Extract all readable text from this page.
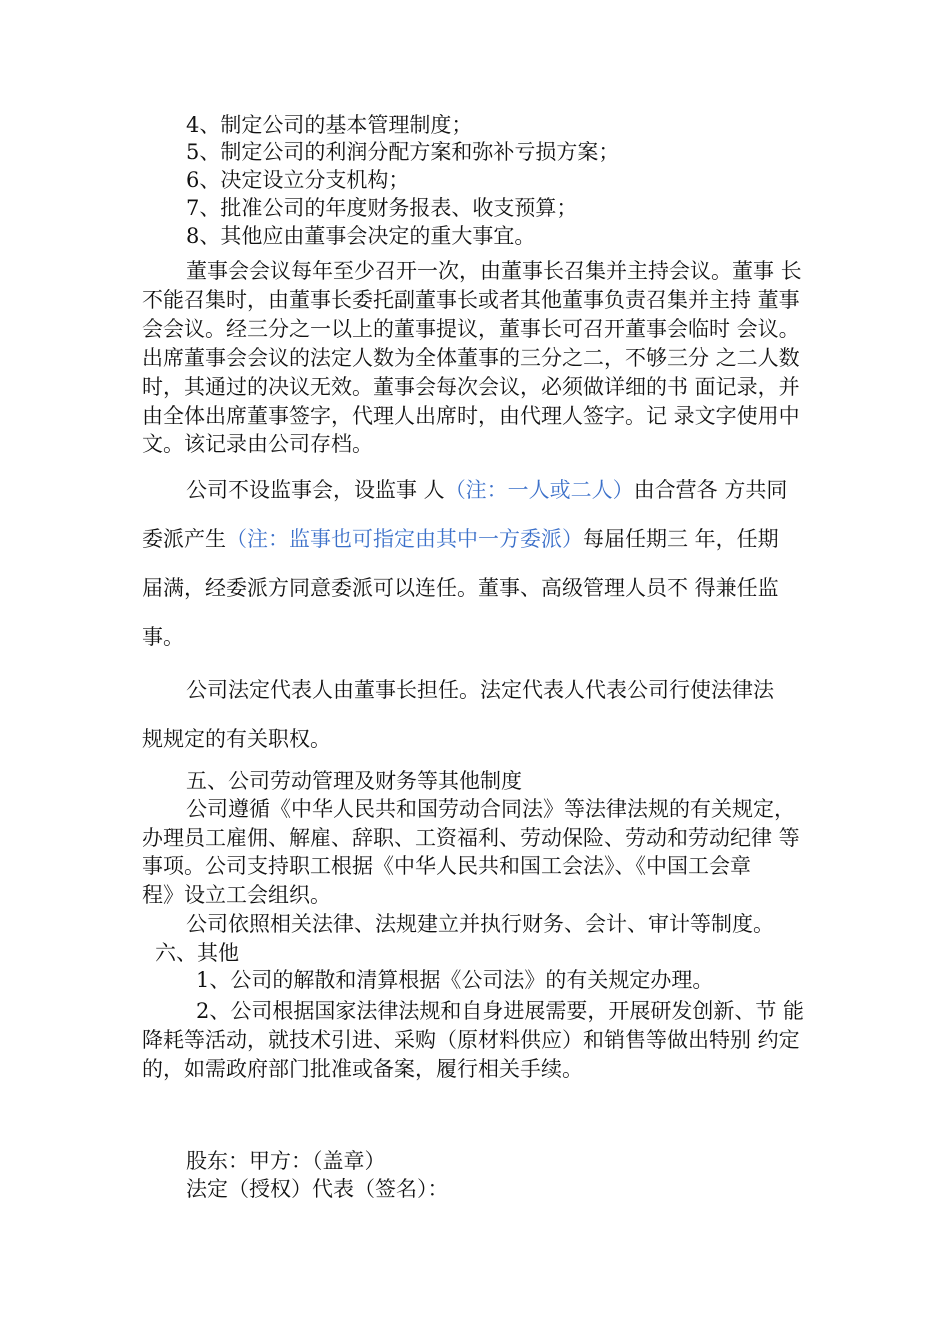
4、制定公司的基本管理制度；

5、制定公司的利润分配方案和弥补亏损方案；

6、决定设立分支机构；

7、批准公司的年度财务报表、收支预算；

8、其他应由董事会决定的重大事宜。

董事会会议每年至少召开一次，由董事长召集并主持会议。董事 长

不能召集时，由董事长委托副董事长或者其他董事负责召集并主持 董事

会会议。经三分之一以上的董事提议，董事长可召开董事会临时 会议。

出席董事会会议的法定人数为全体董事的三分之二，不够三分 之二人数

时，其通过的决议无效。董事会每次会议，必须做详细的书 面记录，并

由全体出席董事签字，代理人出席时，由代理人签字。记 录文字使用中

文。该记录由公司存档。

公司不设监事会，设监事 人（注：一人或二人）由合营各 方共同

委派产生（注：监事也可指定由其中一方委派）每届任期三 年，任期

届满，经委派方同意委派可以连任。董事、高级管理人员不 得兼任监

事。

公司法定代表人由董事长担任。法定代表人代表公司行使法律法

规规定的有关职权。

五、公司劳动管理及财务等其他制度

公司遵循《中华人民共和国劳动合同法》等法律法规的有关规定，

办理员工雇佣、解雇、辞职、工资福利、劳动保险、劳动和劳动纪律 等

事项。公司支持职工根据《中华人民共和国工会法》、《中国工会章

程》设立工会组织。

公司依照相关法律、法规建立并执行财务、会计、审计等制度。

六、其他

1、公司的解散和清算根据《公司法》的有关规定办理。

2、公司根据国家法律法规和自身进展需要，开展研发创新、节 能

降耗等活动，就技术引进、采购（原材料供应）和销售等做出特别 约定

的，如需政府部门批准或备案，履行相关手续。

股东：甲方：（盖章）

法定（授权）代表（签名）：
